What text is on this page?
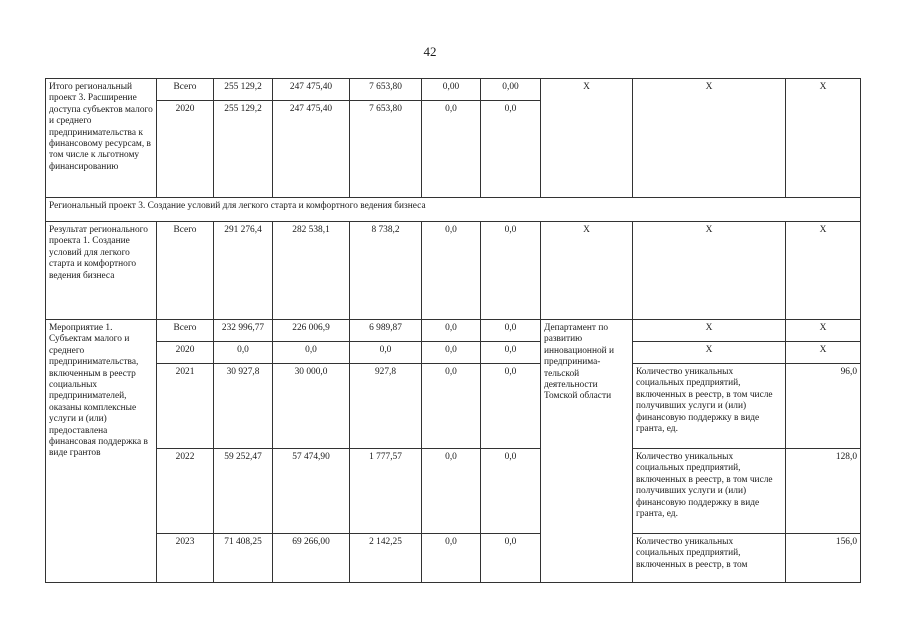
42
Итого региональный проект 3. Расширение доступа субъектов малого и среднего предпринимательства к финансовому ресурсам, в том числе к льготному финансированию	Всего	255 129,2	247 475,40	7 653,80	0,00	0,00	Х	Х	Х
	2020	255 129,2	247 475,40	7 653,80	0,0	0,0			
Региональный проект 3. Создание условий для легкого старта и комфортного ведения бизнеса									
Результат регионального проекта 1. Создание условий для легкого старта и комфортного ведения бизнеса	Всего	291 276,4	282 538,1	8 738,2	0,0	0,0	Х	Х	Х
Мероприятие 1. Субъектам малого и среднего предпринимательства, включенным в реестр социальных предпринимателей, оказаны комплексные услуги и (или) предоставлена финансовая поддержка в виде грантов	Всего	232 996,77	226 006,9	6 989,87	0,0	0,0	Департамент по развитию инновационной и предпринима-тельской деятельности Томской области	Х	Х
	2020	0,0	0,0	0,0	0,0	0,0		Х	Х
	2021	30 927,8	30 000,0	927,8	0,0	0,0		Количество уникальных социальных предприятий, включенных в реестр, в том числе получивших услуги и (или) финансовую поддержку в виде гранта, ед.	96,0
	2022	59 252,47	57 474,90	1 777,57	0,0	0,0		Количество уникальных социальных предприятий, включенных в реестр, в том числе получивших услуги и (или) финансовую поддержку в виде гранта, ед.	128,0
	2023	71 408,25	69 266,00	2 142,25	0,0	0,0		Количество уникальных социальных предприятий, включенных в реестр, в том	156,0
